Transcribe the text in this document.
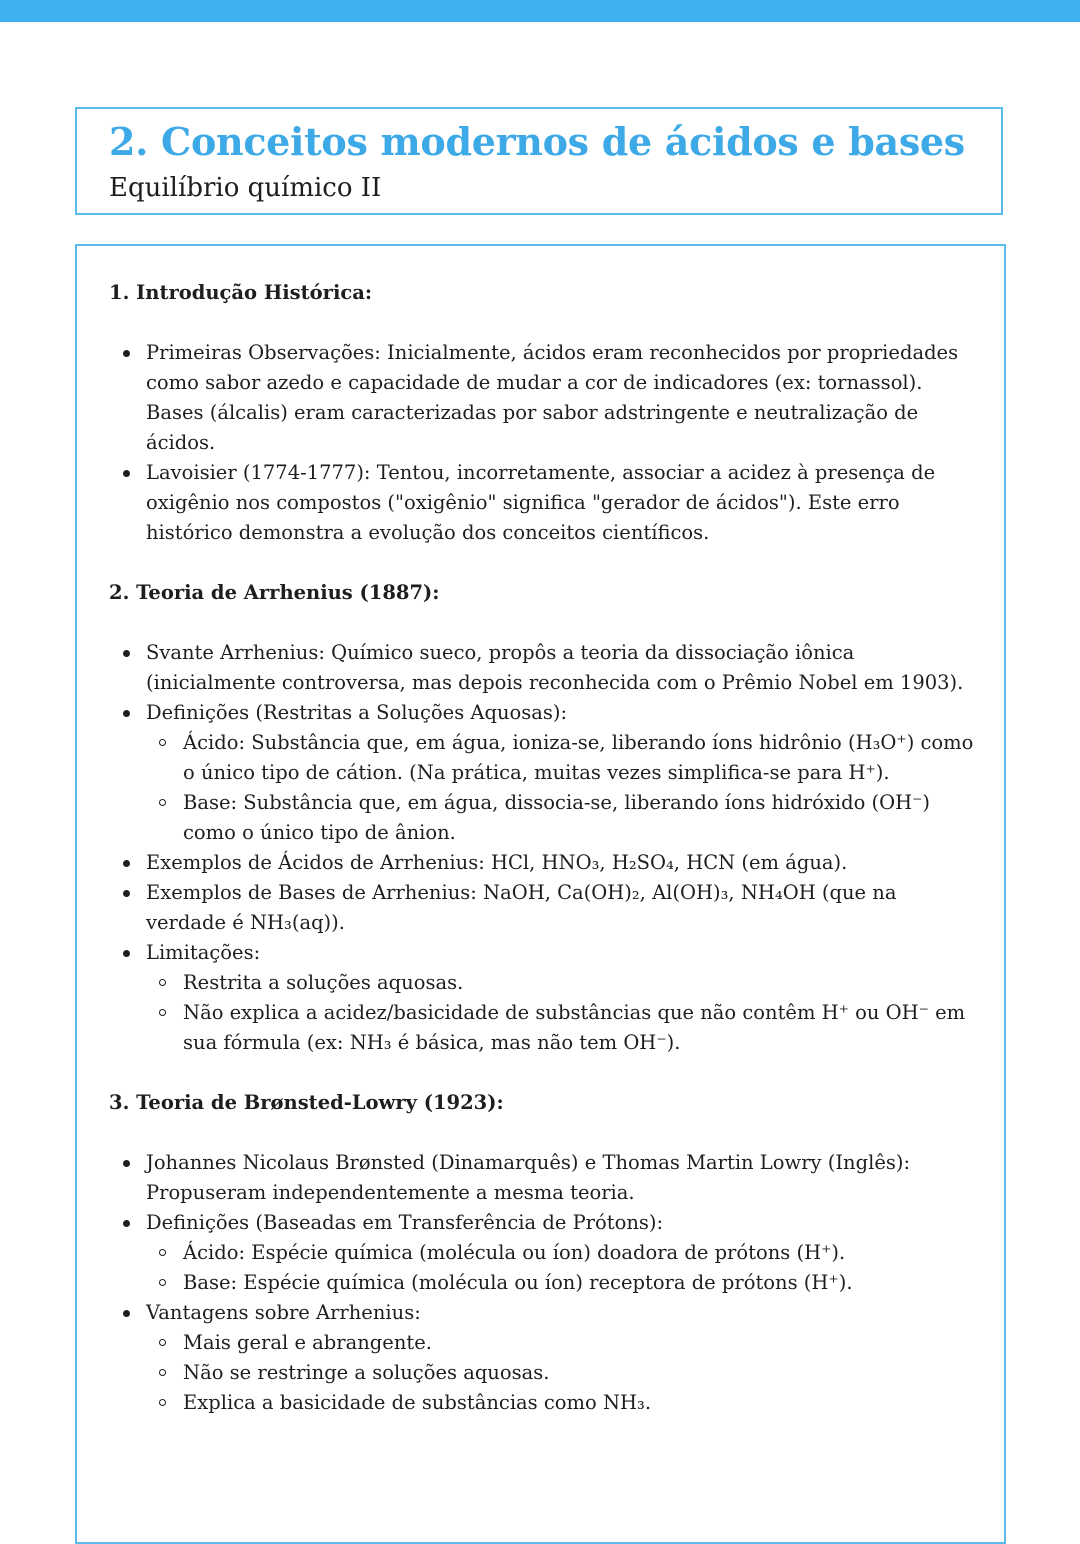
2. Conceitos modernos de ácidos e bases

Equilíbrio químico II

1. Introdução Histórica:
Primeiras Observações: Inicialmente, ácidos eram reconhecidos por propriedades como sabor azedo e capacidade de mudar a cor de indicadores (ex: tornassol). Bases (álcalis) eram caracterizadas por sabor adstringente e neutralização de ácidos.
Lavoisier (1774-1777): Tentou, incorretamente, associar a acidez à presença de oxigênio nos compostos ("oxigênio" significa "gerador de ácidos"). Este erro histórico demonstra a evolução dos conceitos científicos.
2. Teoria de Arrhenius (1887):
Svante Arrhenius: Químico sueco, propôs a teoria da dissociação iônica (inicialmente controversa, mas depois reconhecida com o Prêmio Nobel em 1903).
Definições (Restritas a Soluções Aquosas):
Ácido: Substância que, em água, ioniza-se, liberando íons hidrônio (H₃O⁺) como o único tipo de cátion. (Na prática, muitas vezes simplifica-se para H⁺).
Base: Substância que, em água, dissocia-se, liberando íons hidróxido (OH⁻) como o único tipo de ânion.
Exemplos de Ácidos de Arrhenius: HCl, HNO₃, H₂SO₄, HCN (em água).
Exemplos de Bases de Arrhenius: NaOH, Ca(OH)₂, Al(OH)₃, NH₄OH (que na verdade é NH₃(aq)).
Limitações:
Restrita a soluções aquosas.
Não explica a acidez/basicidade de substâncias que não contêm H⁺ ou OH⁻ em sua fórmula (ex: NH₃ é básica, mas não tem OH⁻).
3. Teoria de Brønsted-Lowry (1923):
Johannes Nicolaus Brønsted (Dinamarquês) e Thomas Martin Lowry (Inglês): Propuseram independentemente a mesma teoria.
Definições (Baseadas em Transferência de Prótons):
Ácido: Espécie química (molécula ou íon) doadora de prótons (H⁺).
Base: Espécie química (molécula ou íon) receptora de prótons (H⁺).
Vantagens sobre Arrhenius:
Mais geral e abrangente.
Não se restringe a soluções aquosas.
Explica a basicidade de substâncias como NH₃.
